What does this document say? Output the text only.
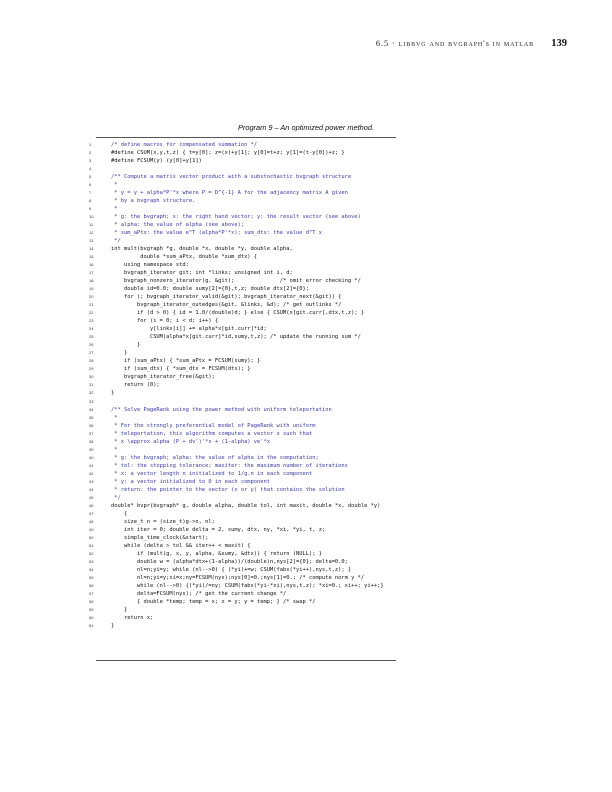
6.5 · libbvg and bvgraph's in matlab 139
Program 9 – An optimized power method.
1	/* define macros for compensated summation */
2	#define CSUM(x,y,t,z) { t=y[0]; z=(x)+y[1]; y[0]=t+z; y[1]=(t-y[0])+z; }
3	#define FCSUM(y) (y[0]+y[1])
4
5	/** Compute a matrix vector product with a substochastic bvgraph structure
6	*
7	* y = y + alpha*P'*x where P = D^{-1} A for the adjacency matrix A given
8	* by a bvgraph structure.
9	*
10	* g: the bvgraph; x: the right hand vector; y: the result vector (see above)
11	* alpha: the value of alpha (see above);
12	* sum_aPtx: the value e^T (alpha*P'*x); sum_dtx: the value d^T x
13	*/
14	int mult(bvgraph *g, double *x, double *y, double alpha,
15	double *sum_aPtx, double *sum_dtx) {
16	using namespace std;
17	bvgraph_iterator git; int *links; unsigned int i, d;
18	bvgraph_nonzero_iterator(g, &git);              /* omit error checking */
19	double id=0.0; double sumy[2]={0},t,z; double dtx[2]={0};
20	for (; bvgraph_iterator_valid(&git); bvgraph_iterator_next(&git)) {
21	bvgraph_iterator_outedges(&git, &links, &d); /* get outlinks */
22	if (d > 0) { id = 1.0/(double)d; } else { CSUM(x[git.curr],dtx,t,z); }
23	for (i = 0; i < d; i++) {
24	y[links[i]] += alpha*x[git.curr]*id;
25	CSUM(alpha*x[git.curr]*id,sumy,t,z); /* update the running sum */
26	}
27	}
28	if (sum_aPtx) { *sum_aPtx = FCSUM(sumy); }
29	if (sum_dtx) { *sum_dtx = FCSUM(dtx); }
30	bvgraph_iterator_free(&git);
31	return (0);
32	}
33
34	/** Solve PageRank using the power method with uniform teleportation
35	*
36	* For the strongly preferential model of PageRank with uniform
37	* teleportation, this algorithm computes a vector x such that
38	* x \approx alpha (P + dv')'*x + (1-alpha) ve'*x
39	*
40	* g: the bvgraph; alpha: the value of alpha in the computation;
41	* tol: the stopping tolerance; maxiter: the maximum number of iterations
42	* x: a vector length n initialized to 1/g.n in each component
43	* y: a vector initialized to 0 in each component
44	* return: the pointer to the vector (x or y) that contains the solution
45	*/
46	double* bvpr(bvgraph* g, double alpha, double tol, int maxit, double *x, double *y)
47	{
48	size_t n = (size_t)g->n, nl;
49	int iter = 0; double delta = 2, sumy, dtx, ny, *xi, *yi, t, z;
50	simple_time_clock(&start);
51	while (delta > tol && iter++ < maxit) {
52	if (mult(g, x, y, alpha, &sumy, &dtx)) { return (NULL); }
53	double w = (alpha*dtx+(1-alpha))/(double)n,nys[2]={0}; delta=0.0;
54	nl=n;yi=y; while (nl-->0) { (*yi)+=w; CSUM(fabs(*yi++),nys,t,z); }
55	nl=n;yi=y;xi=x;ny=FCSUM(nys);nys[0]=0.;nys[1]=0.; /* compute norm y */
56	while (nl-->0) {(*yi)/=ny; CSUM(fabs(*yi-*xi),nys,t,z); *xi=0.; xi++; yi++;}
57	delta=FCSUM(nys); /* get the current change */
58	{ double *temp; temp = x; x = y; y = temp; } /* swap */
59	}
60	return x;
61	}
